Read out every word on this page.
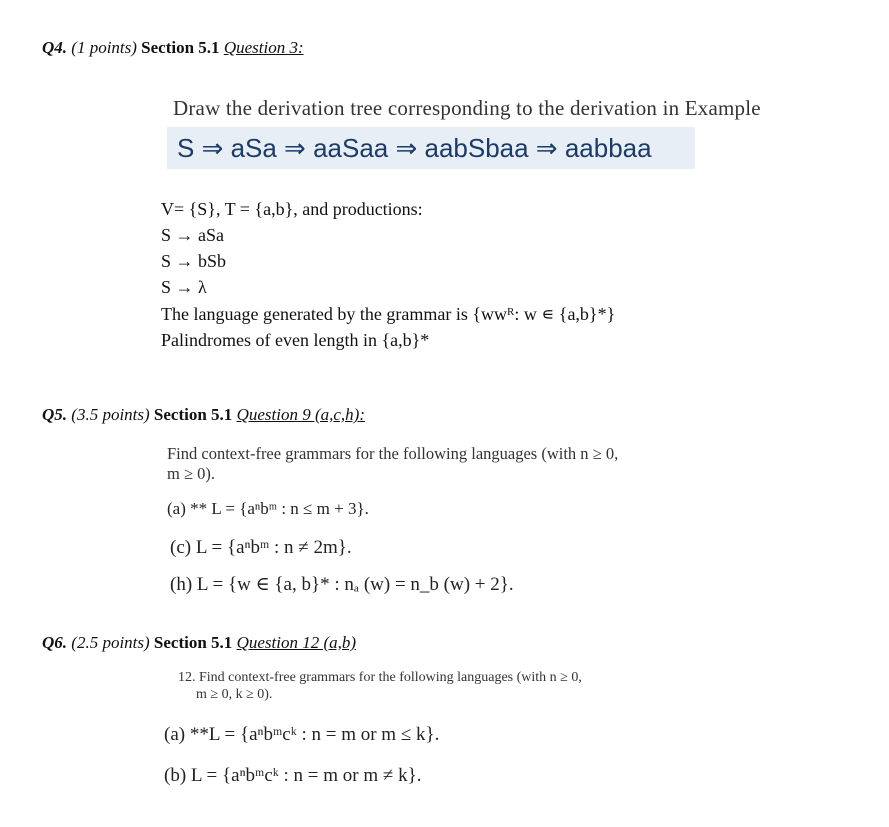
Q4. (1 points) Section 5.1 Question 3:
Draw the derivation tree corresponding to the derivation in Example
S ⇒ aSa ⇒ aaSaa ⇒ aabSbaa ⇒ aabbaa
V= {S}, T = {a,b}, and productions:
S → aSa
S → bSb
S → λ
The language generated by the grammar is {wwᴿ: w ∊ {a,b}*}
Palindromes of even length in {a,b}*
Q5. (3.5 points) Section 5.1 Question 9 (a,c,h):
Find context-free grammars for the following languages (with n ≥ 0,
m ≥ 0).
(a) ** L = {aⁿbᵐ : n ≤ m + 3}.
(c) L = {aⁿbᵐ : n ≠ 2m}.
(h) L = {w ∈ {a, b}* : nₐ (w) = n_b (w) + 2}.
Q6. (2.5 points) Section 5.1 Question 12 (a,b)
12. Find context-free grammars for the following languages (with n ≥ 0,
m ≥ 0, k ≥ 0).
(a) **L = {aⁿbᵐcᵏ : n = m or m ≤ k}.
(b) L = {aⁿbᵐcᵏ : n = m or m ≠ k}.
